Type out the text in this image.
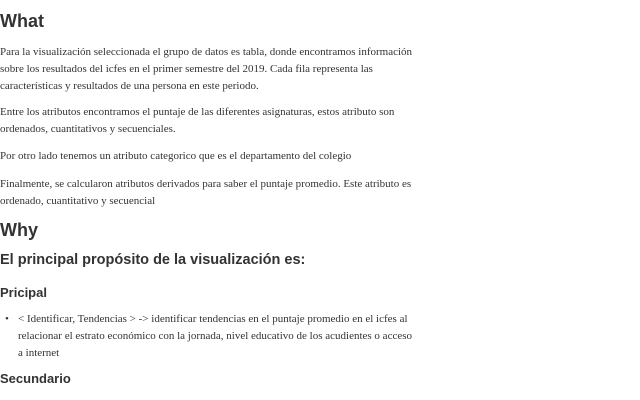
What

Para la visualización seleccionada el grupo de datos es tabla, donde encontramos información sobre los resultados del icfes en el primer semestre del 2019. Cada fila representa las características y resultados de una persona en este periodo.

Entre los atributos encontramos el puntaje de las diferentes asignaturas, estos atributo son ordenados, cuantitativos y secuenciales.

Por otro lado tenemos un atributo categorico que es el departamento del colegio

Finalmente, se calcularon atributos derivados para saber el puntaje promedio. Este atributo es ordenado, cuantitativo y secuencial

Why
El principal propósito de la visualización es:
Pricipal
• < Identificar, Tendencias > -> identificar tendencias en el puntaje promedio en el icfes al relacionar el estrato económico con la jornada, nivel educativo de los acudientes o acceso a internet
Secundario
